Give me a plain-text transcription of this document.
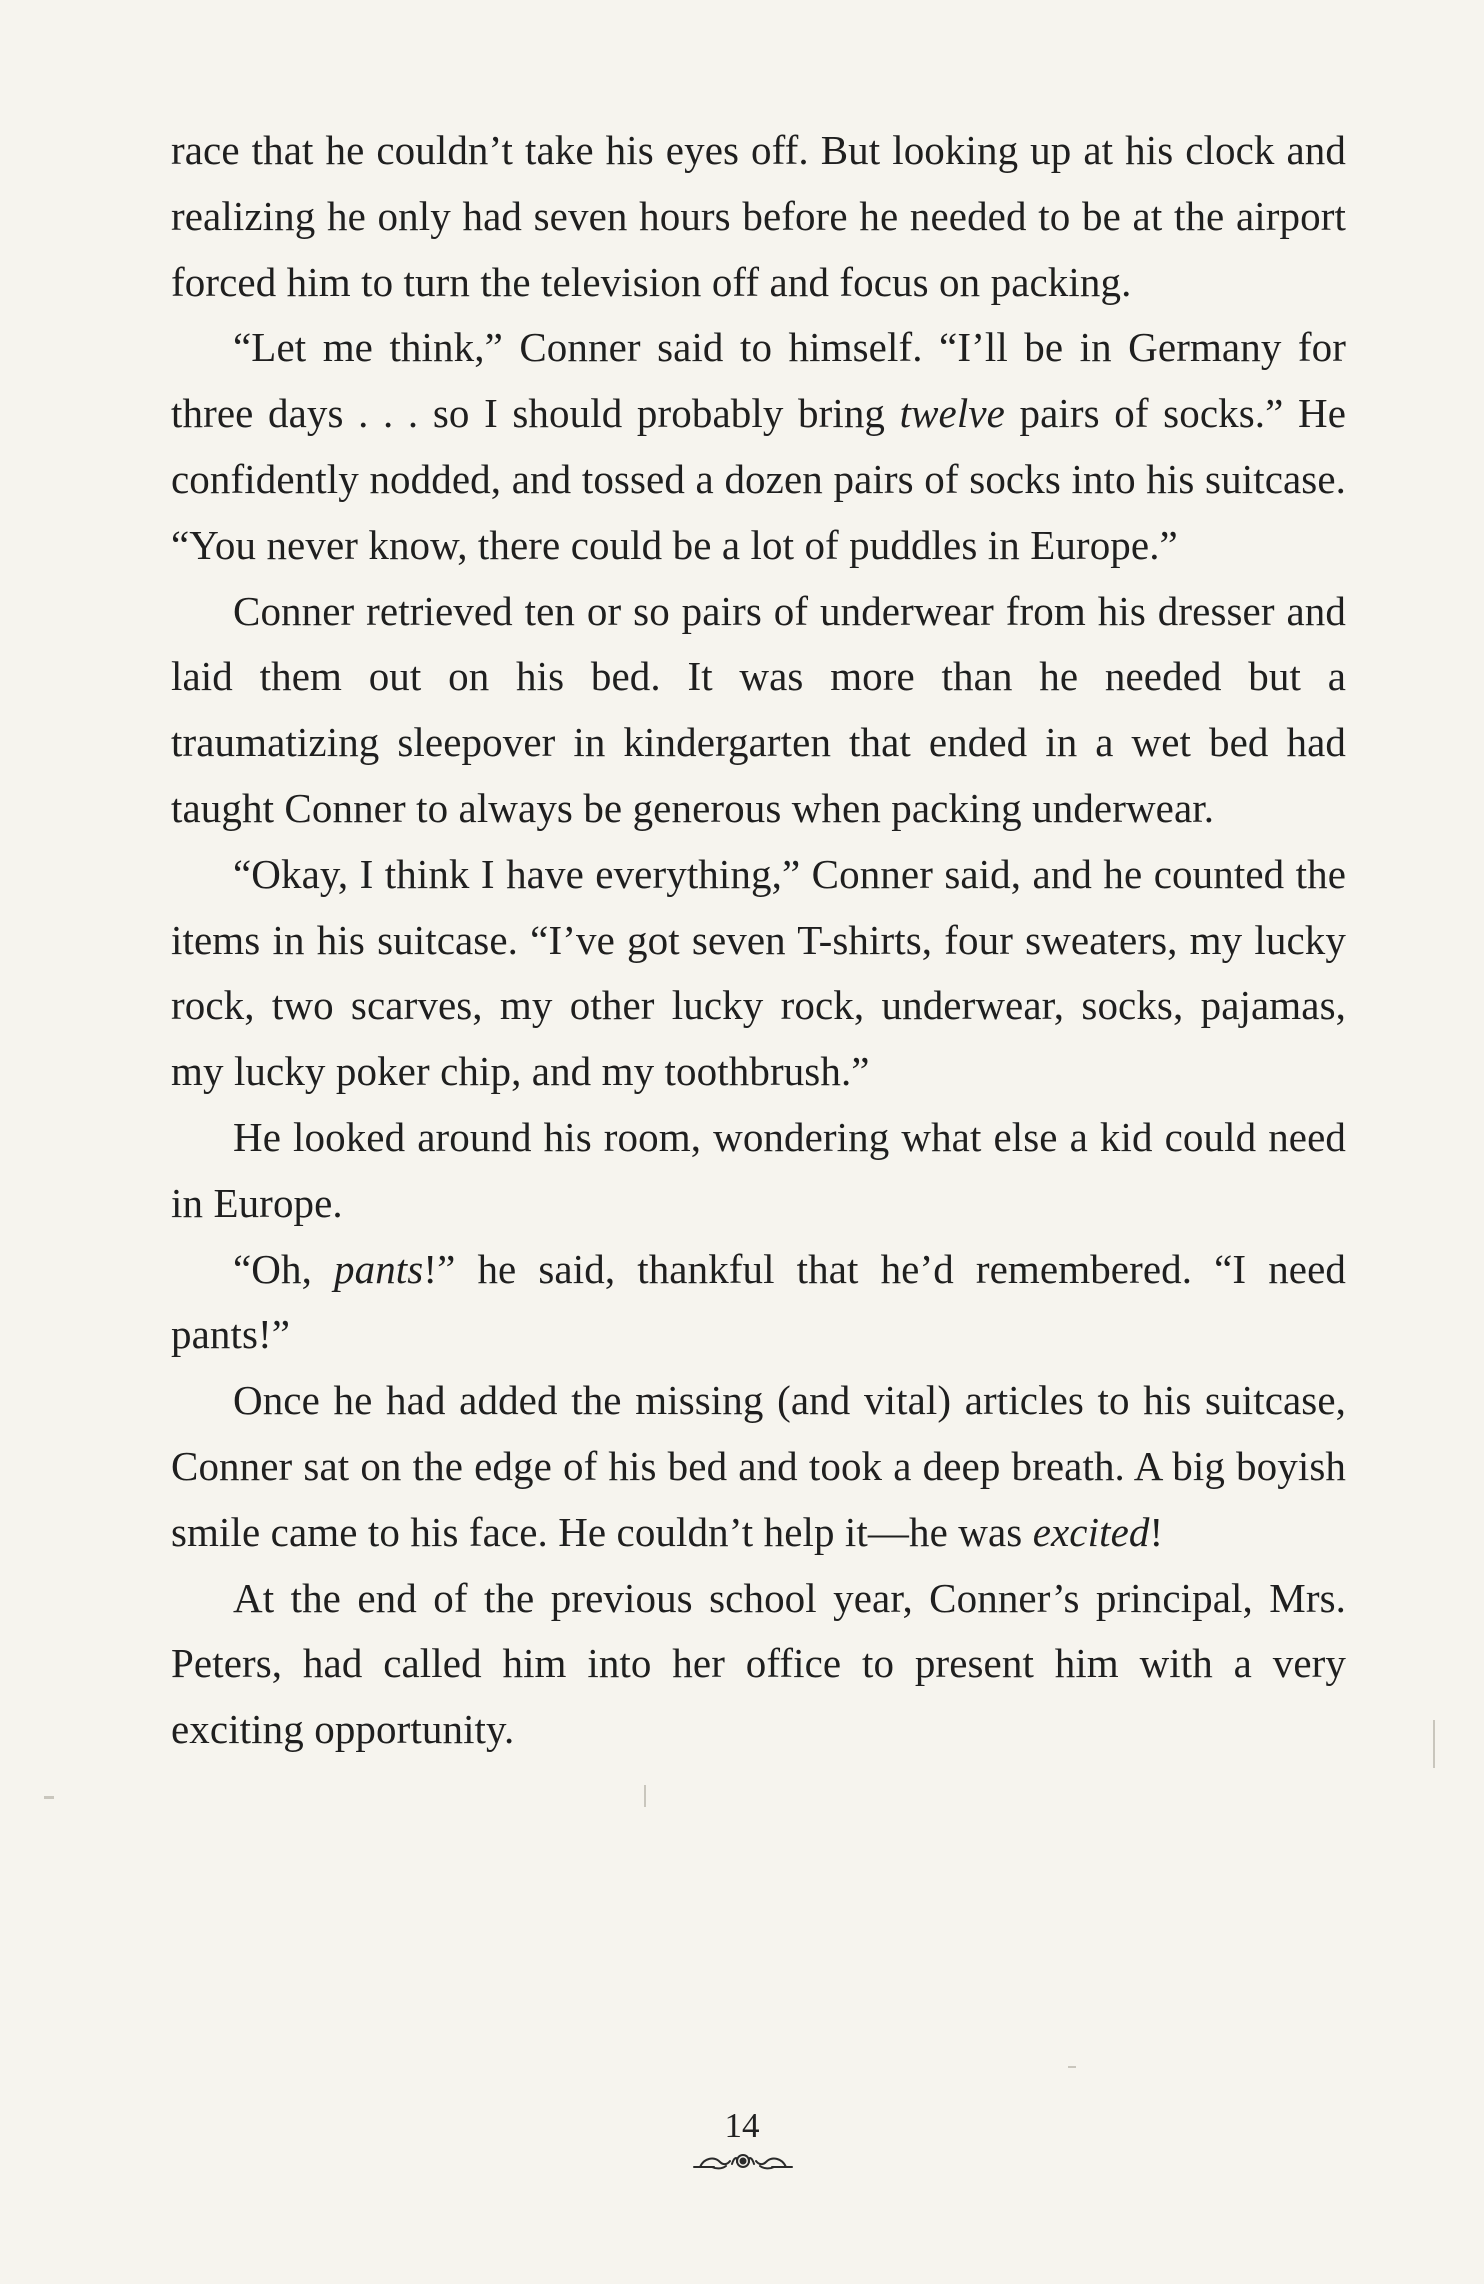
race that he couldn’t take his eyes off. But looking up at his clock and realizing he only had seven hours before he needed to be at the airport forced him to turn the television off and focus on packing.

“Let me think,” Conner said to himself. “I’ll be in Germany for three days . . . so I should probably bring twelve pairs of socks.” He confidently nodded, and tossed a dozen pairs of socks into his suitcase. “You never know, there could be a lot of puddles in Europe.”

Conner retrieved ten or so pairs of underwear from his dresser and laid them out on his bed. It was more than he needed but a traumatizing sleepover in kindergarten that ended in a wet bed had taught Conner to always be generous when packing underwear.

“Okay, I think I have everything,” Conner said, and he counted the items in his suitcase. “I’ve got seven T-shirts, four sweaters, my lucky rock, two scarves, my other lucky rock, underwear, socks, pajamas, my lucky poker chip, and my toothbrush.”

He looked around his room, wondering what else a kid could need in Europe.

“Oh, pants!” he said, thankful that he’d remembered. “I need pants!”

Once he had added the missing (and vital) articles to his suitcase, Conner sat on the edge of his bed and took a deep breath. A big boyish smile came to his face. He couldn’t help it—he was excited!

At the end of the previous school year, Conner’s principal, Mrs. Peters, had called him into her office to present him with a very exciting opportunity.

14
